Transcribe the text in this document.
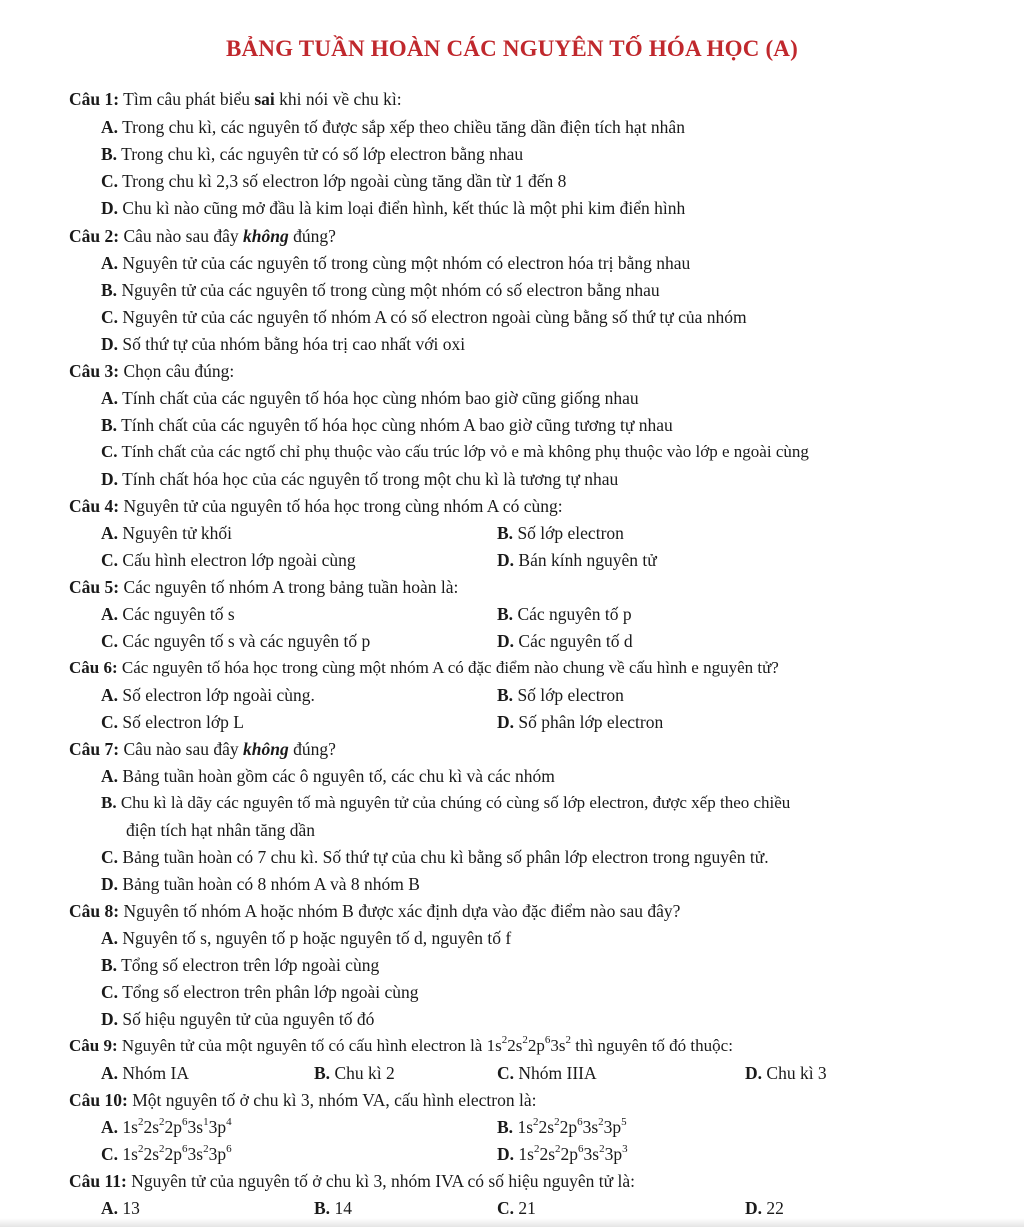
BẢNG TUẦN HOÀN CÁC NGUYÊN TỐ HÓA HỌC (A)
Câu 1: Tìm câu phát biểu sai khi nói về chu kì:
A. Trong chu kì, các nguyên tố được sắp xếp theo chiều tăng dần điện tích hạt nhân
B. Trong chu kì, các nguyên tử có số lớp electron bằng nhau
C. Trong chu kì 2,3 số electron lớp ngoài cùng tăng dần từ 1 đến 8
D. Chu kì nào cũng mở đầu là kim loại điển hình, kết thúc là một phi kim điển hình
Câu 2: Câu nào sau đây không đúng?
A. Nguyên tử của các nguyên tố trong cùng một nhóm có electron hóa trị bằng nhau
B. Nguyên tử của các nguyên tố trong cùng một nhóm có số electron bằng nhau
C. Nguyên tử của các nguyên tố nhóm A có số electron ngoài cùng bằng số thứ tự của nhóm
D. Số thứ tự của nhóm bằng hóa trị cao nhất với oxi
Câu 3: Chọn câu đúng:
A. Tính chất của các nguyên tố hóa học cùng nhóm bao giờ cũng giống nhau
B. Tính chất của các nguyên tố hóa học cùng nhóm A bao giờ cũng tương tự nhau
C. Tính chất của các ngtố chỉ phụ thuộc vào cấu trúc lớp vỏ e mà không phụ thuộc vào lớp e ngoài cùng
D. Tính chất hóa học của các nguyên tố trong một chu kì là tương tự nhau
Câu 4: Nguyên tử của nguyên tố hóa học trong cùng nhóm A có cùng:
A. Nguyên tử khối	B. Số lớp electron
C. Cấu hình electron lớp ngoài cùng	D. Bán kính nguyên tử
Câu 5: Các nguyên tố nhóm A trong bảng tuần hoàn là:
A. Các nguyên tố s	B. Các nguyên tố p
C. Các nguyên tố s và các nguyên tố p	D. Các nguyên tố d
Câu 6: Các nguyên tố hóa học trong cùng một nhóm A có đặc điểm nào chung về cấu hình e nguyên tử?
A. Số electron lớp ngoài cùng.	B. Số lớp electron
C. Số electron lớp L	D. Số phân lớp electron
Câu 7: Câu nào sau đây không đúng?
A. Bảng tuần hoàn gồm các ô nguyên tố, các chu kì và các nhóm
B. Chu kì là dãy các nguyên tố mà nguyên tử của chúng có cùng số lớp electron, được xếp theo chiều
điện tích hạt nhân tăng dần
C. Bảng tuần hoàn có 7 chu kì. Số thứ tự của chu kì bằng số phân lớp electron trong nguyên tử.
D. Bảng tuần hoàn có 8 nhóm A và 8 nhóm B
Câu 8: Nguyên tố nhóm A hoặc nhóm B được xác định dựa vào đặc điểm nào sau đây?
A. Nguyên tố s, nguyên tố p hoặc nguyên tố d, nguyên tố f
B. Tổng số electron trên lớp ngoài cùng
C. Tổng số electron trên phân lớp ngoài cùng
D. Số hiệu nguyên tử của nguyên tố đó
Câu 9: Nguyên tử của một nguyên tố có cấu hình electron là $1s^22s^22p^63s^2$ thì nguyên tố đó thuộc:
A. Nhóm IA	B. Chu kì 2	C. Nhóm IIIA	D. Chu kì 3
Câu 10: Một nguyên tố ở chu kì 3, nhóm VA, cấu hình electron là:
A. $1s^22s^22p^63s^13p^4$	B. $1s^22s^22p^63s^23p^5$
C. $1s^22s^22p^63s^23p^6$	D. $1s^22s^22p^63s^23p^3$
Câu 11: Nguyên tử của nguyên tố ở chu kì 3, nhóm IVA có số hiệu nguyên tử là:
A. 13	B. 14	C. 21	D. 22
